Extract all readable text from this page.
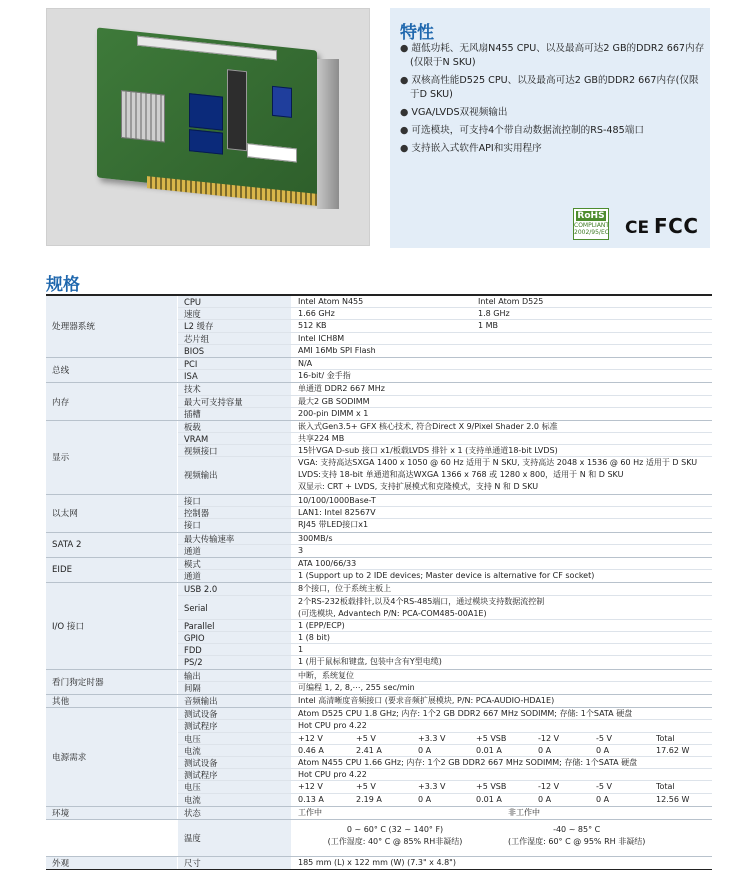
特性
● 超低功耗、无风扇N455 CPU、以及最高可达2 GB的DDR2 667内存(仅限于N SKU)
● 双核高性能D525 CPU、以及最高可达2 GB的DDR2 667内存(仅限于D SKU)
● VGA/LVDS双视频输出
● 可选模块，可支持4个带自动数据流控制的RS-485端口
● 支持嵌入式软件API和实用程序
RoHS
COMPLIANT
2002/95/EC CE FCC
规格
处理器系统
CPU	Intel Atom N455	Intel Atom D525
速度	1.66 GHz	1.8 GHz
L2 缓存	512 KB	1 MB
芯片组	Intel ICH8M
BIOS	AMI 16Mb SPI Flash
总线
PCI	N/A
ISA	16-bit/ 金手指
内存
技术	单通道 DDR2 667 MHz
最大可支持容量	最大2 GB SODIMM
插槽	200-pin DIMM x 1
显示
板载	嵌入式Gen3.5+ GFX 核心技术, 符合Direct X 9/Pixel Shader 2.0 标准
VRAM	共享224 MB
视频接口	15针VGA D-sub 接口 x1/板载LVDS 排针 x 1 (支持单通道18-bit LVDS)
视频输出
VGA: 支持高达SXGA 1400 x 1050 @ 60 Hz 适用于 N SKU, 支持高达 2048 x 1536 @ 60 Hz 适用于 D SKU
LVDS:支持 18-bit 单通道和高达WXGA 1366 x 768 或 1280 x 800，适用于 N 和 D SKU
双显示: CRT + LVDS, 支持扩展模式和克隆模式，支持 N 和 D SKU
以太网
接口	10/100/1000Base-T
控制器	LAN1: Intel 82567V
接口	RJ45 带LED接口x1
SATA 2
最大传输速率	300MB/s
通道	3
EIDE
模式	ATA 100/66/33
通道	1 (Support up to 2 IDE devices; Master device is alternative for CF socket)
I/O 接口
USB 2.0	8个接口，位于系统主板上
Serial
2个RS-232板载排针,以及4个RS-485端口，通过模块支持数据流控制
(可选模块, Advantech P/N: PCA-COM485-00A1E)
Parallel	1 (EPP/ECP)
GPIO	1 (8 bit)
FDD	1
PS/2	1 (用于鼠标和键盘, 包装中含有Y型电缆)
看门狗定时器
输出	中断，系统复位
间隔	可编程 1, 2, 8,⋯, 255 sec/min
其他	音频输出	Intel 高清晰度音频接口 (要求音频扩展模块, P/N: PCA-AUDIO-HDA1E)
电源需求
测试设备	Atom D525 CPU 1.8 GHz; 内存: 1个2 GB DDR2 667 MHz SODIMM; 存储: 1个SATA 硬盘
测试程序	Hot CPU pro 4.22
电压	+12 V	+5 V	+3.3 V	+5 VSB	-12 V	-5 V	Total
电流	0.46 A	2.41 A	0 A	0.01 A	0 A	0 A	17.62 W
测试设备	Atom N455 CPU 1.66 GHz; 内存: 1个2 GB DDR2 667 MHz SODIMM; 存储: 1个SATA 硬盘
测试程序	Hot CPU pro 4.22
电压	+12 V	+5 V	+3.3 V	+5 VSB	-12 V	-5 V	Total
电流	0.13 A	2.19 A	0 A	0.01 A	0 A	0 A	12.56 W
环境	状态	工作中	非工作中
温度
0 ~ 60° C (32 ~ 140° F)
(工作湿度: 40° C @ 85% RH非凝结)
-40 ~ 85° C
(工作湿度: 60° C @ 95% RH 非凝结)
外观	尺寸	185 mm (L) x 122 mm (W) (7.3" x 4.8")
